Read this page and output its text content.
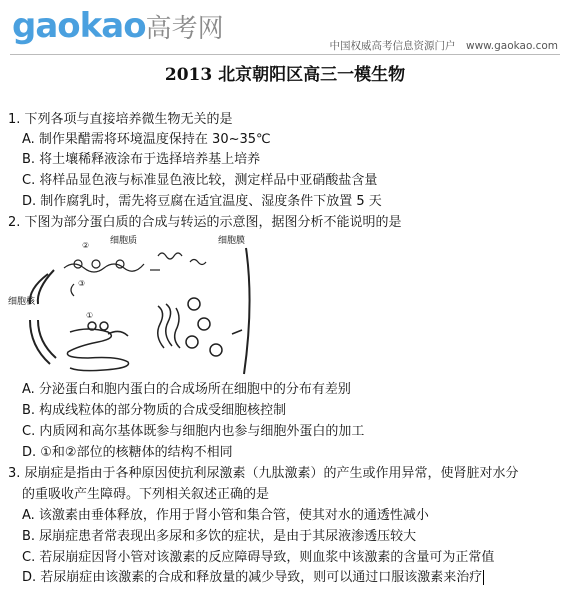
gaokao高考网
中国权威高考信息资源门户　www.gaokao.com
2013 北京朝阳区高三一模生物
1. 下列各项与直接培养微生物无关的是
A. 制作果醋需将环境温度保持在 30~35℃
B. 将土壤稀释液涂布于选择培养基上培养
C. 将样品显色液与标准显色液比较，测定样品中亚硝酸盐含量
D. 制作腐乳时，需先将豆腐在适宜温度、湿度条件下放置 5 天
2. 下图为部分蛋白质的合成与转运的示意图，据图分析不能说明的是
细胞质	细胞膜
细胞核
②
③
①
A. 分泌蛋白和胞内蛋白的合成场所在细胞中的分布有差别
B. 构成线粒体的部分物质的合成受细胞核控制
C. 内质网和高尔基体既参与细胞内也参与细胞外蛋白的加工
D. ①和②部位的核糖体的结构不相同
3. 尿崩症是指由于各种原因使抗利尿激素（九肽激素）的产生或作用异常，使肾脏对水分
的重吸收产生障碍。下列相关叙述正确的是
A. 该激素由垂体释放，作用于肾小管和集合管，使其对水的通透性减小
B. 尿崩症患者常表现出多尿和多饮的症状，是由于其尿液渗透压较大
C. 若尿崩症因肾小管对该激素的反应障碍导致，则血浆中该激素的含量可为正常值
D. 若尿崩症由该激素的合成和释放量的减少导致，则可以通过口服该激素来治疗
